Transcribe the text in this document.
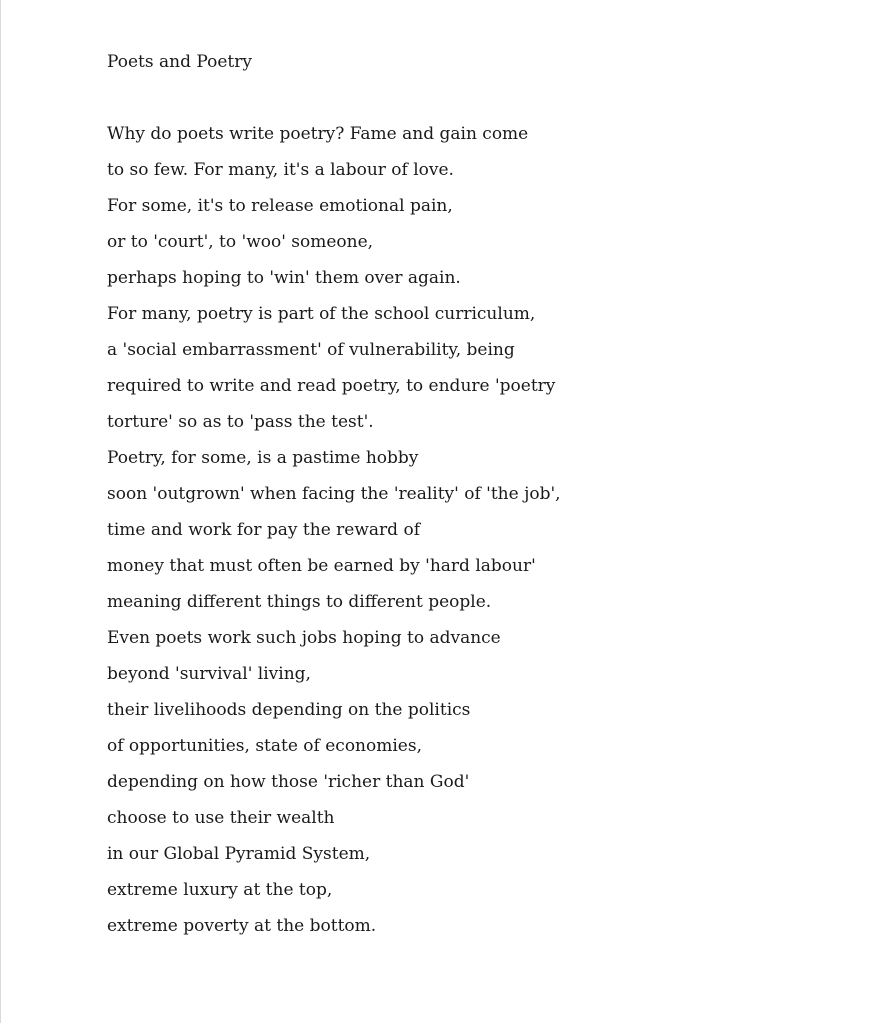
Poets and Poetry
Why do poets write poetry? Fame and gain come
to so few. For many, it's a labour of love.
For some, it's to release emotional pain,
or to 'court', to 'woo' someone,
perhaps hoping to 'win' them over again.
For many, poetry is part of the school curriculum,
a 'social embarrassment' of vulnerability, being
required to write and read poetry, to endure 'poetry
torture' so as to 'pass the test'.
Poetry, for some, is a pastime hobby
soon 'outgrown' when facing the 'reality' of 'the job',
time and work for pay the reward of
money that must often be earned by 'hard labour'
meaning different things to different people.
Even poets work such jobs hoping to advance
beyond 'survival' living,
their livelihoods depending on the politics
of opportunities, state of economies,
depending on how those 'richer than God'
choose to use their wealth
in our Global Pyramid System,
extreme luxury at the top,
extreme poverty at the bottom.
